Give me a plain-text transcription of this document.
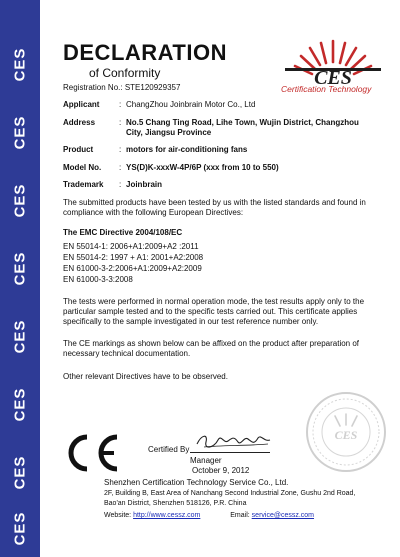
CES
CES
CES
CES
CES
CES
CES
CES
DECLARATION
of Conformity
Registration No.: STE120929357	CES
Certification Technology
Applicant : ChangZhou Joinbrain Motor Co., Ltd
Address	: No.5 Chang Ting Road, Lihe Town, Wujin District, Changzhou City, Jiangsu Province
Product	: motors for air-conditioning fans
Model No. : YS(D)K-xxxW-4P/6P (xxx from 10 to 550)
Trademark : Joinbrain
The submitted products have been tested by us with the listed standards and found in compliance with the following European Directives:
The EMC Directive 2004/108/EC
EN 55014-1: 2006+A1:2009+A2 :2011
EN 55014-2: 1997 + A1: 2001+A2:2008
EN 61000-3-2:2006+A1:2009+A2:2009
EN 61000-3-3:2008
The tests were performed in normal operation mode, the test results apply only to the particular sample tested and to the specific tests carried out. This certificate applies specifically to the sample investigated in our test reference number only.
The CE markings as shown below can be affixed on the product after preparation of necessary technical documentation.
Other relevant Directives have to be observed.
CES
Certified By
Manager
October 9, 2012
Shenzhen Certification Technology Service Co., Ltd.
2F, Building B, East Area of Nanchang Second Industrial Zone, Gushu 2nd Road,
Bao'an District, Shenzhen 518126, P.R. China
Website: http://www.cessz.com	Email: service@cessz.com
